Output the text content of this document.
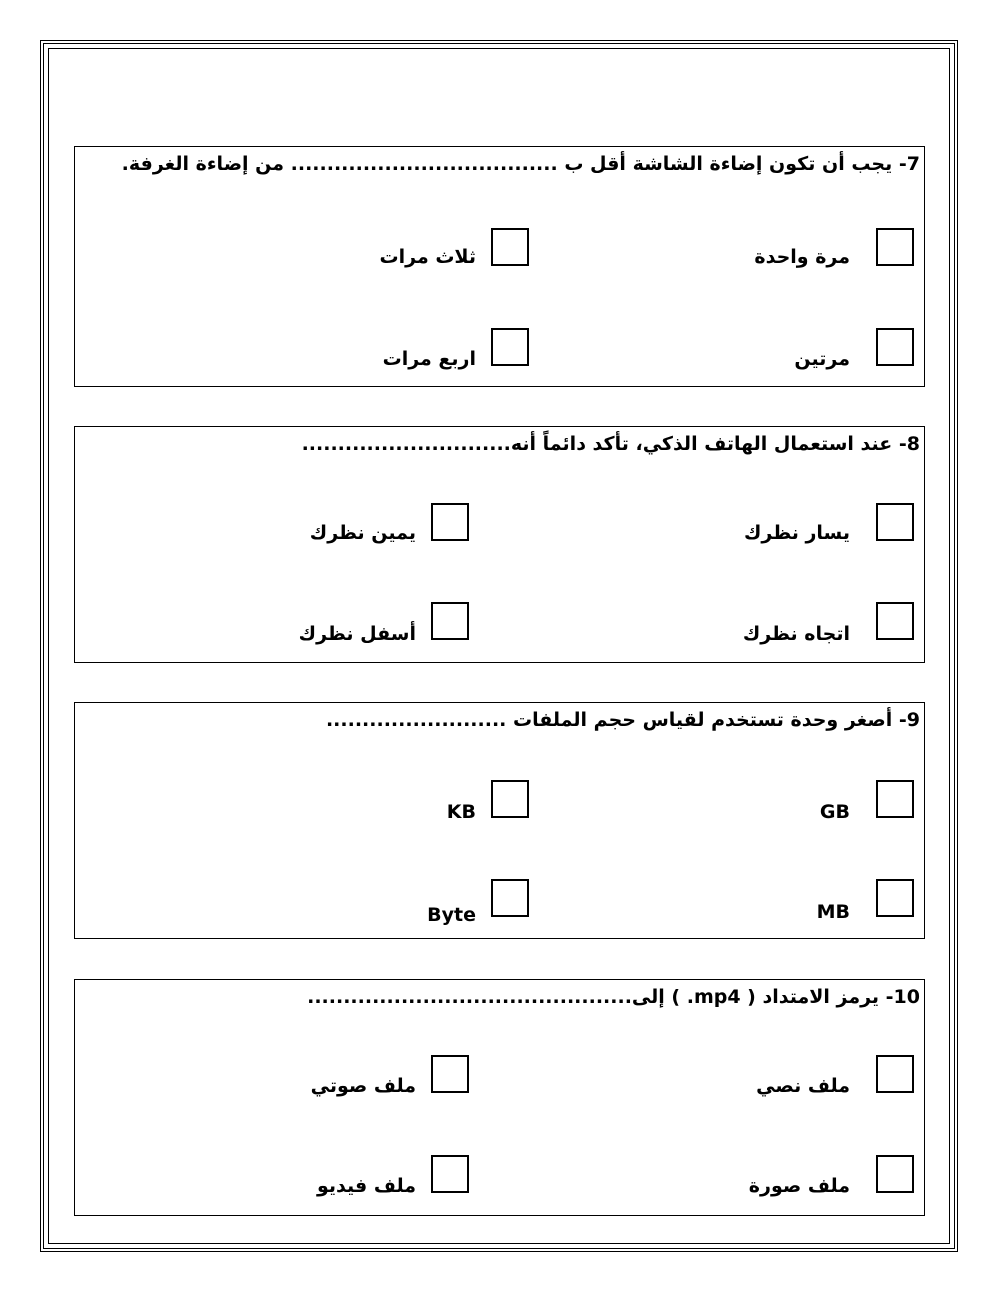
7- يجب أن تكون إضاءة الشاشة أقل ب ..................................... من إضاءة الغرفة.
مرة واحدة
ثلاث مرات
مرتين
اربع مرات
8- عند استعمال الهاتف الذكي، تأكد دائماً أنه.............................
يسار نظرك
يمين نظرك
اتجاه نظرك
أسفل نظرك
9- أصغر وحدة تستخدم لقياس حجم الملفات .........................
GB
KB
MB
Byte
10- يرمز الامتداد ( mp4. ) إلى.............................................
ملف نصي
ملف صوتي
ملف صورة
ملف فيديو
